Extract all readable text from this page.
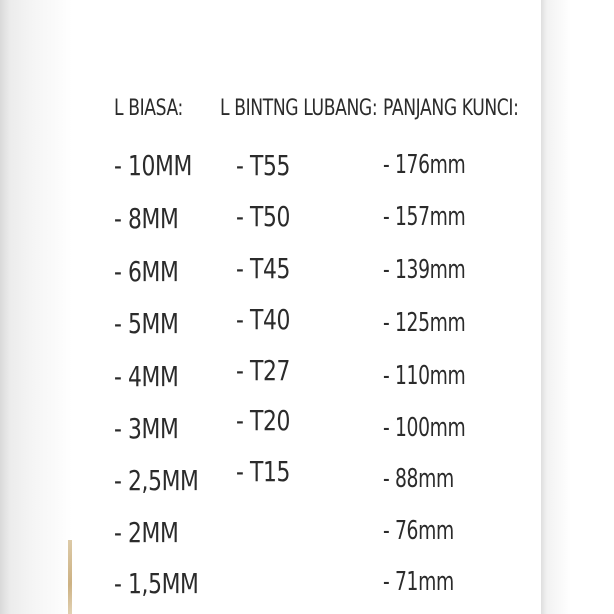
L BIASA: L BINTNG LUBANG: PANJANG KUNCI:
- 10MM
- 8MM
- 6MM
- 5MM
- 4MM
- 3MM
- 2,5MM
- 2MM
- 1,5MM
- T55
- T50
- T45
- T40
- T27
- T20
- T15
- 176mm
- 157mm
- 139mm
- 125mm
- 110mm
- 100mm
- 88mm
- 76mm
- 71mm
